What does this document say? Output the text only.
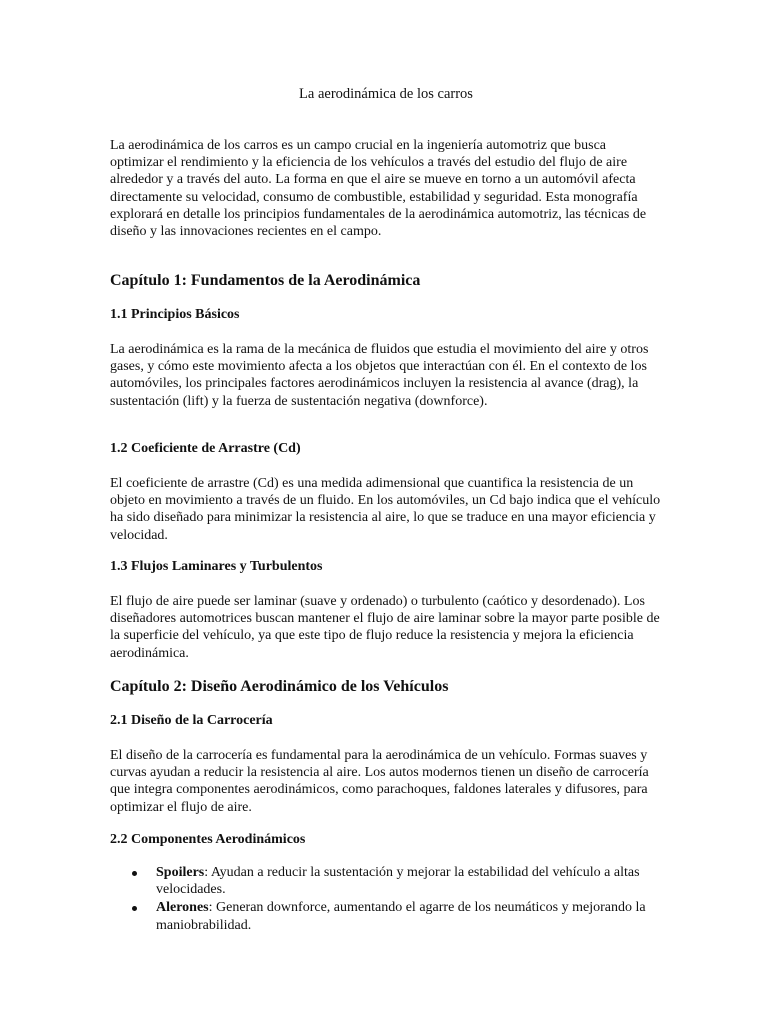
La aerodinámica de los carros

La aerodinámica de los carros es un campo crucial en la ingeniería automotriz que busca optimizar el rendimiento y la eficiencia de los vehículos a través del estudio del flujo de aire alrededor y a través del auto. La forma en que el aire se mueve en torno a un automóvil afecta directamente su velocidad, consumo de combustible, estabilidad y seguridad. Esta monografía explorará en detalle los principios fundamentales de la aerodinámica automotriz, las técnicas de diseño y las innovaciones recientes en el campo.

Capítulo 1: Fundamentos de la Aerodinámica
1.1 Principios Básicos

La aerodinámica es la rama de la mecánica de fluidos que estudia el movimiento del aire y otros gases, y cómo este movimiento afecta a los objetos que interactúan con él. En el contexto de los automóviles, los principales factores aerodinámicos incluyen la resistencia al avance (drag), la sustentación (lift) y la fuerza de sustentación negativa (downforce).

1.2 Coeficiente de Arrastre (Cd)

El coeficiente de arrastre (Cd) es una medida adimensional que cuantifica la resistencia de un objeto en movimiento a través de un fluido. En los automóviles, un Cd bajo indica que el vehículo ha sido diseñado para minimizar la resistencia al aire, lo que se traduce en una mayor eficiencia y velocidad.

1.3 Flujos Laminares y Turbulentos

El flujo de aire puede ser laminar (suave y ordenado) o turbulento (caótico y desordenado). Los diseñadores automotrices buscan mantener el flujo de aire laminar sobre la mayor parte posible de la superficie del vehículo, ya que este tipo de flujo reduce la resistencia y mejora la eficiencia aerodinámica.

Capítulo 2: Diseño Aerodinámico de los Vehículos
2.1 Diseño de la Carrocería

El diseño de la carrocería es fundamental para la aerodinámica de un vehículo. Formas suaves y curvas ayudan a reducir la resistencia al aire. Los autos modernos tienen un diseño de carrocería que integra componentes aerodinámicos, como parachoques, faldones laterales y difusores, para optimizar el flujo de aire.

2.2 Componentes Aerodinámicos
Spoilers: Ayudan a reducir la sustentación y mejorar la estabilidad del vehículo a altas velocidades.
Alerones: Generan downforce, aumentando el agarre de los neumáticos y mejorando la maniobrabilidad.
